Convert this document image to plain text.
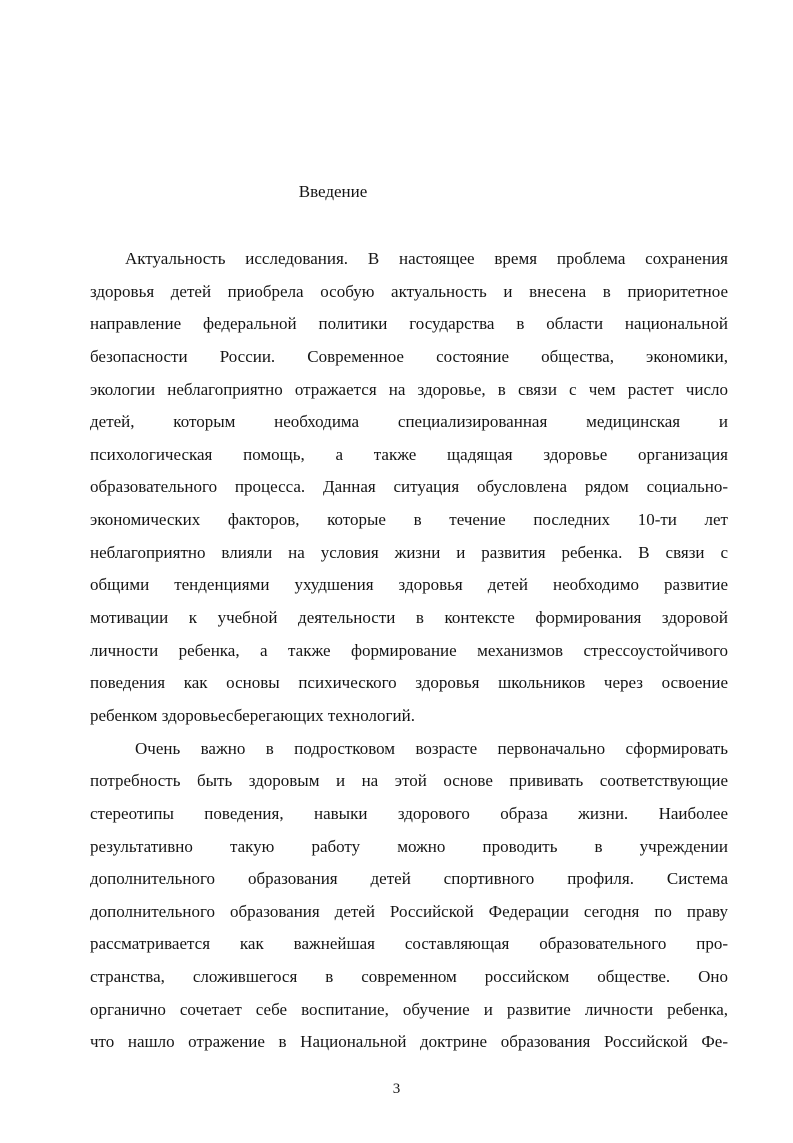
Введение
Актуальность исследования. В настоящее время проблема сохранения
здоровья детей приобрела особую актуальность и внесена в приоритетное
направление федеральной политики государства в области национальной
безопасности России. Современное состояние общества, экономики,
экологии неблагоприятно отражается на здоровье, в связи с чем растет число
детей, которым необходима специализированная медицинская и
психологическая помощь, а также щадящая здоровье организация
образовательного процесса. Данная ситуация обусловлена рядом социально-
экономических факторов, которые в течение последних 10-ти лет
неблагоприятно влияли на условия жизни и развития ребенка. В связи с
общими тенденциями ухудшения здоровья детей необходимо развитие
мотивации к учебной деятельности в контексте формирования здоровой
личности ребенка, а также формирование механизмов стрессоустойчивого
поведения как основы психического здоровья школьников через освоение
ребенком здоровьесберегающих технологий.
Очень важно в подростковом возрасте первоначально сформировать
потребность быть здоровым и на этой основе прививать соответствующие
стереотипы поведения, навыки здорового образа жизни. Наиболее
результативно такую работу можно проводить в учреждении
дополнительного образования детей спортивного профиля. Система
дополнительного образования детей Российской Федерации сегодня по праву
рассматривается как важнейшая составляющая образовательного про-
странства, сложившегося в современном российском обществе. Оно
органично сочетает себе воспитание, обучение и развитие личности ребенка,
что нашло отражение в Национальной доктрине образования Российской Фе-
3
